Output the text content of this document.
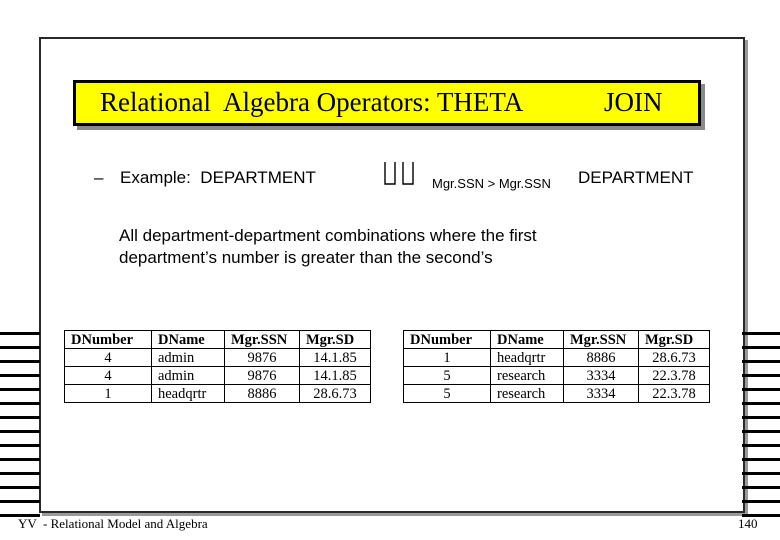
Relational  Algebra Operators: THETA	JOIN
– Example:  DEPARTMENT	Mgr.SSN > Mgr.SSN DEPARTMENT
All department-department combinations where the first
department’s number is greater than the second’s
DNumber	DName	Mgr.SSN	Mgr.SD
4	admin	9876	14.1.85
4	admin	9876	14.1.85
1	headqrtr	8886	28.6.73
DNumber	DName	Mgr.SSN	Mgr.SD
1	headqrtr	8886	28.6.73
5	research	3334	22.3.78
5	research	3334	22.3.78
YV  - Relational Model and Algebra	140
